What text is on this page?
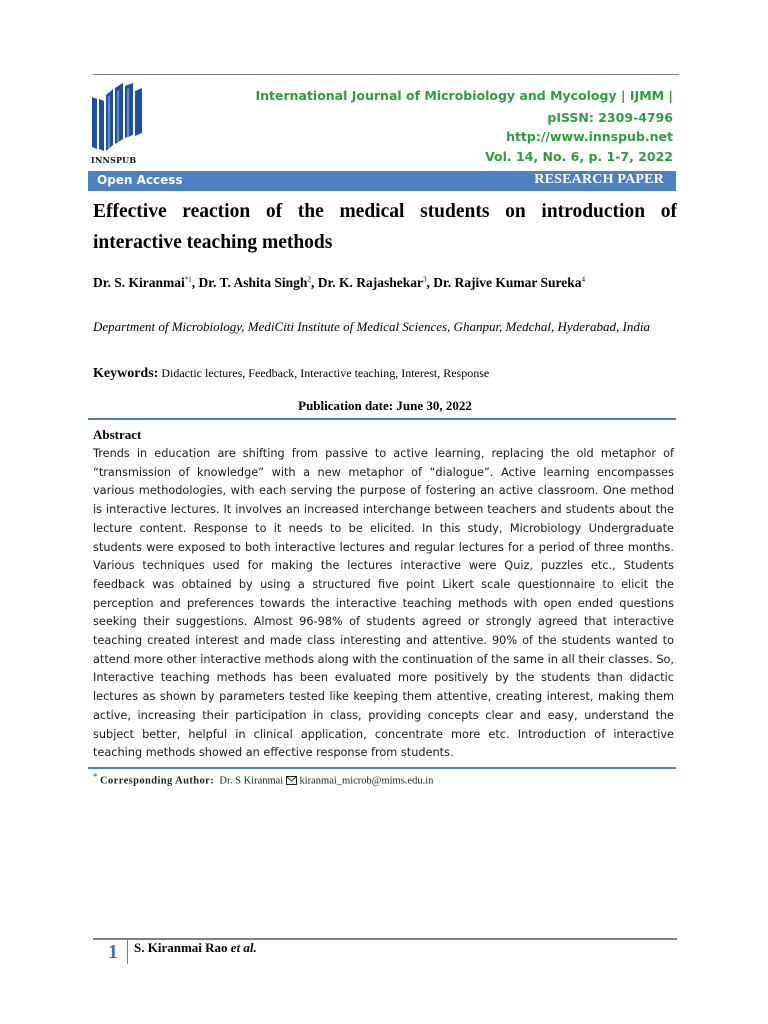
INNSPUB
International Journal of Microbiology and Mycology | IJMM |
pISSN: 2309-4796
http://www.innspub.net
Vol. 14, No. 6, p. 1-7, 2022
Open Access	RESEARCH PAPER
Effective reaction of the medical students on introduction of interactive teaching methods
Dr. S. Kiranmai$^{*1}$, Dr. T. Ashita Singh$^2$, Dr. K. Rajashekar$^3$, Dr. Rajive Kumar Sureka$^4$
Department of Microbiology, MediCiti Institute of Medical Sciences, Ghanpur, Medchal, Hyderabad, India
Keywords: Didactic lectures, Feedback, Interactive teaching, Interest, Response
Publication date: June 30, 2022
Abstract

Trends in education are shifting from passive to active learning, replacing the old metaphor of “transmission of knowledge” with a new metaphor of “dialogue”. Active learning encompasses various methodologies, with each serving the purpose of fostering an active classroom. One method is interactive lectures. It involves an increased interchange between teachers and students about the lecture content. Response to it needs to be elicited. In this study, Microbiology Undergraduate students were exposed to both interactive lectures and regular lectures for a period of three months. Various techniques used for making the lectures interactive were Quiz, puzzles etc., Students feedback was obtained by using a structured five point Likert scale questionnaire to elicit the perception and preferences towards the interactive teaching methods with open ended questions seeking their suggestions. Almost 96-98% of students agreed or strongly agreed that interactive teaching created interest and made class interesting and attentive. 90% of the students wanted to attend more other interactive methods along with the continuation of the same in all their classes. So, Interactive teaching methods has been evaluated more positively by the students than didactic lectures as shown by parameters tested like keeping them attentive, creating interest, making them active, increasing their participation in class, providing concepts clear and easy, understand the subject better, helpful in clinical application, concentrate more etc. Introduction of interactive teaching methods showed an effective response from students.

* Corresponding Author: Dr. S Kiranmai kiranmai_microb@mims.edu.in
1 S. Kiranmai Rao et al.
